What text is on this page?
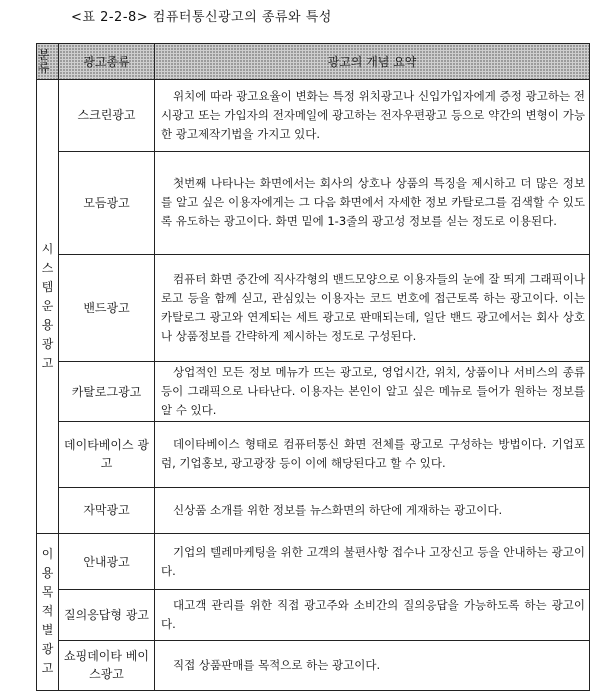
<표 2-2-8> 컴퓨터통신광고의 종류와 특성
분류	광고종류	광고의 개념 요약

시스템운용광고	스크린광고	위치에 따라 광고요율이 변화는 특정 위치광고나 신입가입자에게 증정 광고하는 전시광고 또는 가입자의 전자메일에 광고하는 전자우편광고 등으로 약간의 변형이 가능한 광고제작기법을 가지고 있다.
	모듬광고	첫번째 나타나는 화면에서는 회사의 상호나 상품의 특징을 제시하고 더 많은 정보를 알고 싶은 이용자에게는 그 다음 화면에서 자세한 정보 카탈로그를 검색할 수 있도록 유도하는 광고이다. 화면 밑에 1-3줄의 광고성 정보를 싣는 정도로 이용된다.
	밴드광고	컴퓨터 화면 중간에 직사각형의 밴드모양으로 이용자들의 눈에 잘 띄게 그래픽이나 로고 등을 함께 싣고, 관심있는 이용자는 코드 번호에 접근토록 하는 광고이다. 이는 카탈로그 광고와 연계되는 세트 광고로 판매되는데, 일단 밴드 광고에서는 회사 상호나 상품정보를 간략하게 제시하는 정도로 구성된다.
	카탈로그광고	상업적인 모든 정보 메뉴가 뜨는 광고로, 영업시간, 위치, 상품이나 서비스의 종류 등이 그래픽으로 나타난다. 이용자는 본인이 알고 싶은 메뉴로 들어가 원하는 정보를 알 수 있다.
	데이타베이스 광고	데이타베이스 형태로 컴퓨터통신 화면 전체를 광고로 구성하는 방법이다. 기업포럼, 기업홍보, 광고광장 등이 이에 해당된다고 할 수 있다.
	자막광고	신상품 소개를 위한 정보를 뉴스화면의 하단에 게재하는 광고이다.

이용목적별광고	안내광고	기업의 텔레마케팅을 위한 고객의 불편사항 접수나 고장신고 등을 안내하는 광고이다.
	질의응답형 광고	대고객 관리를 위한 직접 광고주와 소비간의 질의응답을 가능하도록 하는 광고이다.
	쇼핑데이타 베이스광고	직접 상품판매를 목적으로 하는 광고이다.
